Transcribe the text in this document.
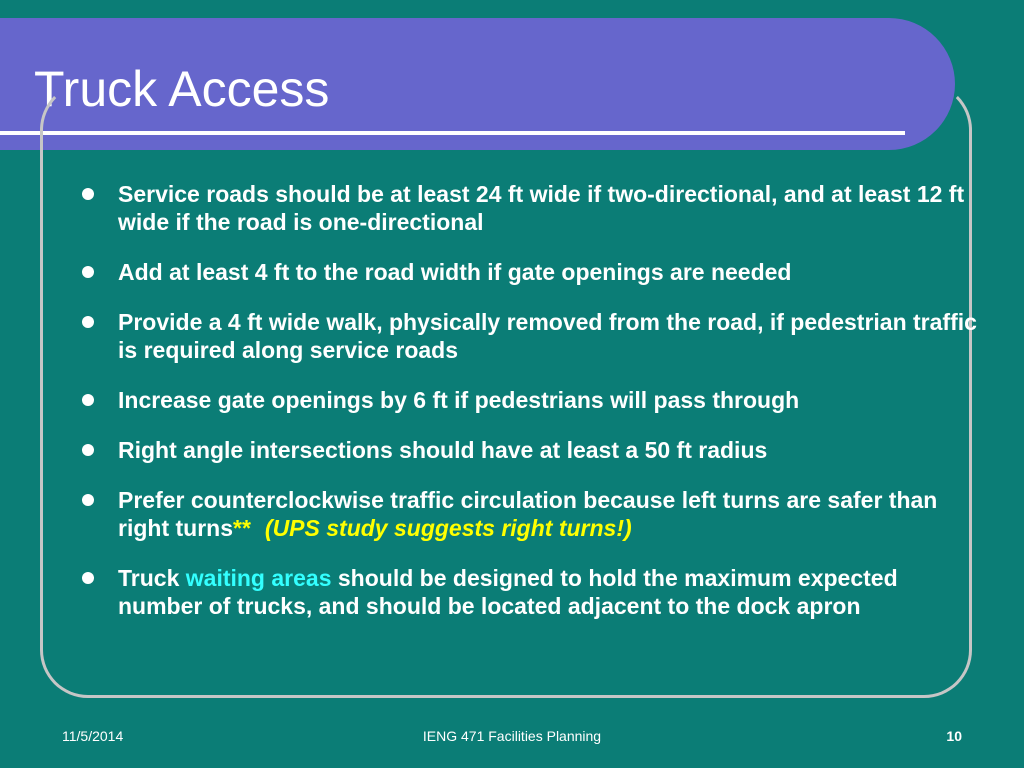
Truck Access
Service roads should be at least 24 ft wide if two-directional, and at least 12 ft wide if the road is one-directional
Add at least 4 ft to the road width if gate openings are needed
Provide a 4 ft wide walk, physically removed from the road, if pedestrian traffic is required along service roads
Increase gate openings by 6 ft if pedestrians will pass through
Right angle intersections should have at least a 50 ft radius
Prefer counterclockwise traffic circulation because left turns are safer than right turns** (UPS study suggests right turns!)
Truck waiting areas should be designed to hold the maximum expected number of trucks, and should be located adjacent to the dock apron
11/5/2014	IENG 471 Facilities Planning	10
